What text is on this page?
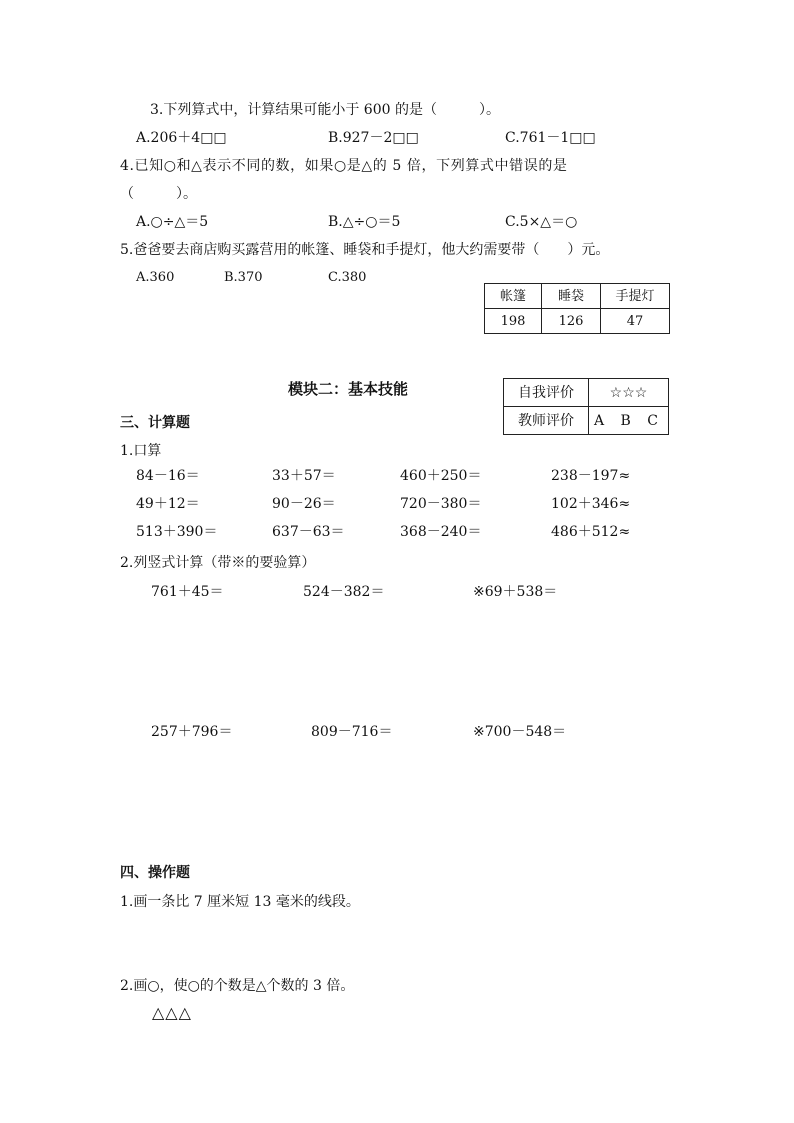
3.下列算式中，计算结果可能小于 600 的是（　　　）。
A.206＋4□□	B.927－2□□	C.761－1□□
4.已知○和△表示不同的数，如果○是△的 5 倍，下列算式中错误的是
（　　　）。
A.○÷△＝5	B.△÷○＝5	C.5×△＝○
5.爸爸要去商店购买露营用的帐篷、睡袋和手提灯，他大约需要带（　　）元。
A.360	B.370	C.380
帐篷	睡袋	手提灯
198	126	47
模块二：基本技能	自我评价	☆☆☆
教师评价	A B C
三、计算题
1.口算
84－16＝	33＋57＝	460＋250＝	238－197≈
49＋12＝	90－26＝	720－380＝	102＋346≈
513＋390＝	637－63＝	368－240＝	486＋512≈
2.列竖式计算（带※的要验算）
761＋45＝	524－382＝	※69＋538＝
257＋796＝	809－716＝	※700－548＝
四、操作题
1.画一条比 7 厘米短 13 毫米的线段。
2.画○，使○的个数是△个数的 3 倍。
△△△
